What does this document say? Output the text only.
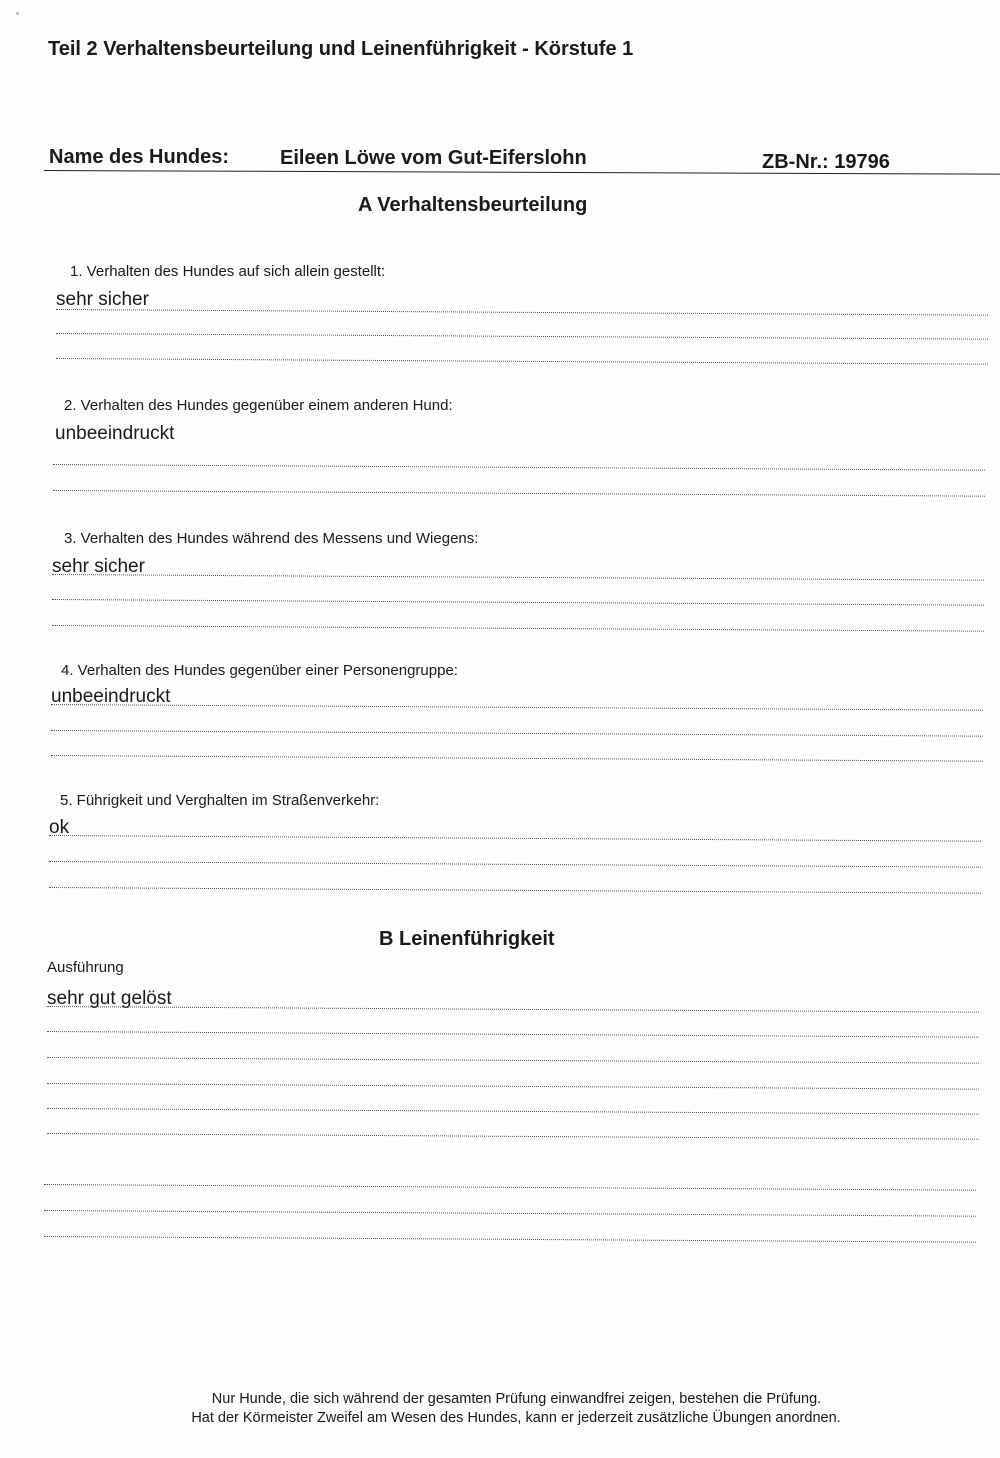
Teil 2 Verhaltensbeurteilung und Leinenführigkeit - Körstufe 1
Name des Hundes:	Eileen Löwe vom Gut-Eiferslohn	ZB-Nr.: 19796
A Verhaltensbeurteilung
1. Verhalten des Hundes auf sich allein gestellt:
sehr sicher
2. Verhalten des Hundes gegenüber einem anderen Hund:
unbeeindruckt
3. Verhalten des Hundes während des Messens und Wiegens:
sehr sicher
4. Verhalten des Hundes gegenüber einer Personengruppe:
unbeeindruckt
5. Führigkeit und Verghalten im Straßenverkehr:
ok
B Leinenführigkeit
Ausführung
sehr gut gelöst
Nur Hunde, die sich während der gesamten Prüfung einwandfrei zeigen, bestehen die Prüfung.
Hat der Körmeister Zweifel am Wesen des Hundes, kann er jederzeit zusätzliche Übungen anordnen.
